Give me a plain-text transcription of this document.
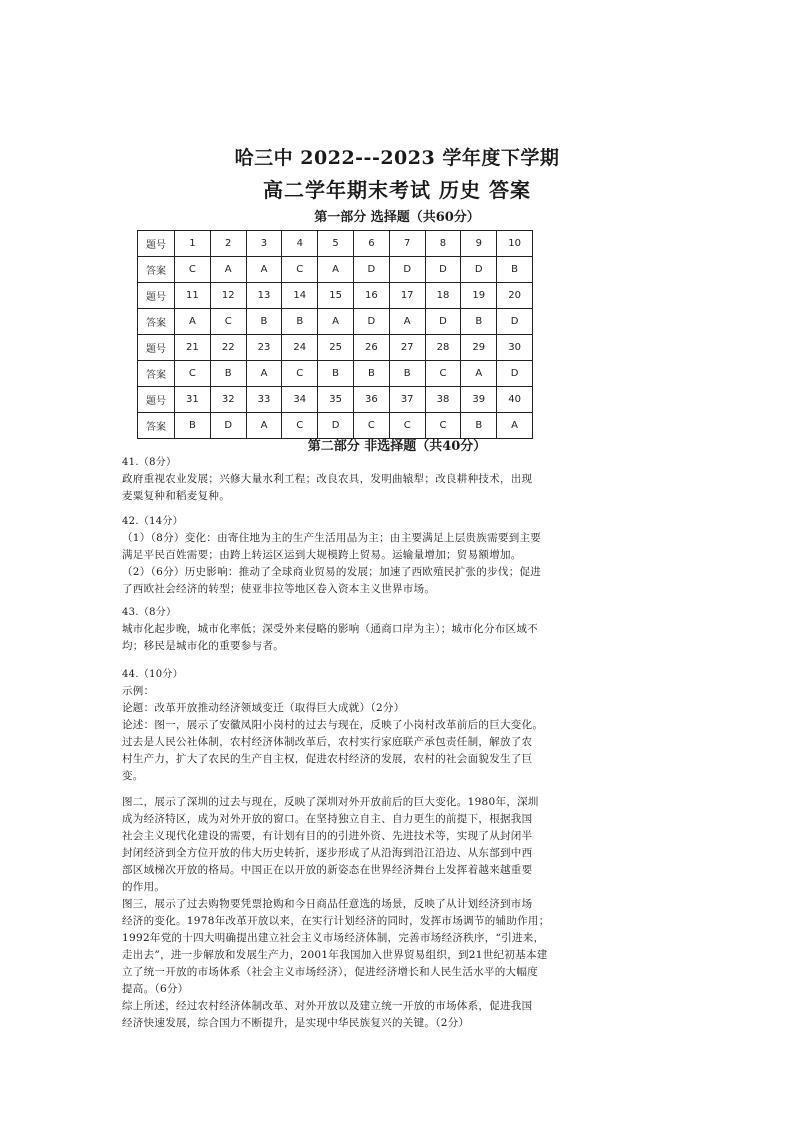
哈三中 2022---2023 学年度下学期
高二学年期末考试 历史 答案
第一部分 选择题（共60分）
题号	1	2	3	4	5	6	7	8	9	10
答案	C	A	A	C	A	D	D	D	D	B
题号	11	12	13	14	15	16	17	18	19	20
答案	A	C	B	B	A	D	A	D	B	D
题号	21	22	23	24	25	26	27	28	29	30
答案	C	B	A	C	B	B	B	C	A	D
题号	31	32	33	34	35	36	37	38	39	40
答案	B	D	A	C	D	C	C	C	B	A
第二部分 非选择题（共40分）

41.（8分）

政府重视农业发展；兴修大量水利工程；改良农具，发明曲辕犁；改良耕种技术，出现

麦粟复种和稻麦复种。

42.（14分）

（1）（8分）变化：由寄住地为主的生产生活用品为主；由主要满足上层贵族需要到主要

满足平民百姓需要；由跨上转运区运到大规模跨上贸易。运输量增加；贸易额增加。

（2）（6分）历史影响：推动了全球商业贸易的发展；加速了西欧殖民扩张的步伐；促进

了西欧社会经济的转型；使亚非拉等地区卷入资本主义世界市场。

43.（8分）

城市化起步晚，城市化率低；深受外来侵略的影响（通商口岸为主）；城市化分布区域不

均；移民是城市化的重要参与者。

44.（10分）

示例：

论题：改革开放推动经济领域变迁（取得巨大成就）（2分）

论述：图一，展示了安徽凤阳小岗村的过去与现在，反映了小岗村改革前后的巨大变化。

过去是人民公社体制，农村经济体制改革后，农村实行家庭联产承包责任制，解放了农

村生产力，扩大了农民的生产自主权，促进农村经济的发展，农村的社会面貌发生了巨

变。

图二，展示了深圳的过去与现在，反映了深圳对外开放前后的巨大变化。1980年，深圳

成为经济特区，成为对外开放的窗口。在坚持独立自主、自力更生的前提下，根据我国

社会主义现代化建设的需要，有计划有目的的引进外资、先进技术等，实现了从封闭半

封闭经济到全方位开放的伟大历史转折，逐步形成了从沿海到沿江沿边、从东部到中西

部区域梯次开放的格局。中国正在以开放的新姿态在世界经济舞台上发挥着越来越重要

的作用。

图三，展示了过去购物要凭票抢购和今日商品任意选的场景，反映了从计划经济到市场

经济的变化。1978年改革开放以来，在实行计划经济的同时，发挥市场调节的辅助作用；

1992年党的十四大明确提出建立社会主义市场经济体制，完善市场经济秩序，“引进来，

走出去”，进一步解放和发展生产力，2001年我国加入世界贸易组织，到21世纪初基本建

立了统一开放的市场体系（社会主义市场经济），促进经济增长和人民生活水平的大幅度

提高。（6分）

综上所述，经过农村经济体制改革、对外开放以及建立统一开放的市场体系，促进我国

经济快速发展，综合国力不断提升，是实现中华民族复兴的关键。（2分）
